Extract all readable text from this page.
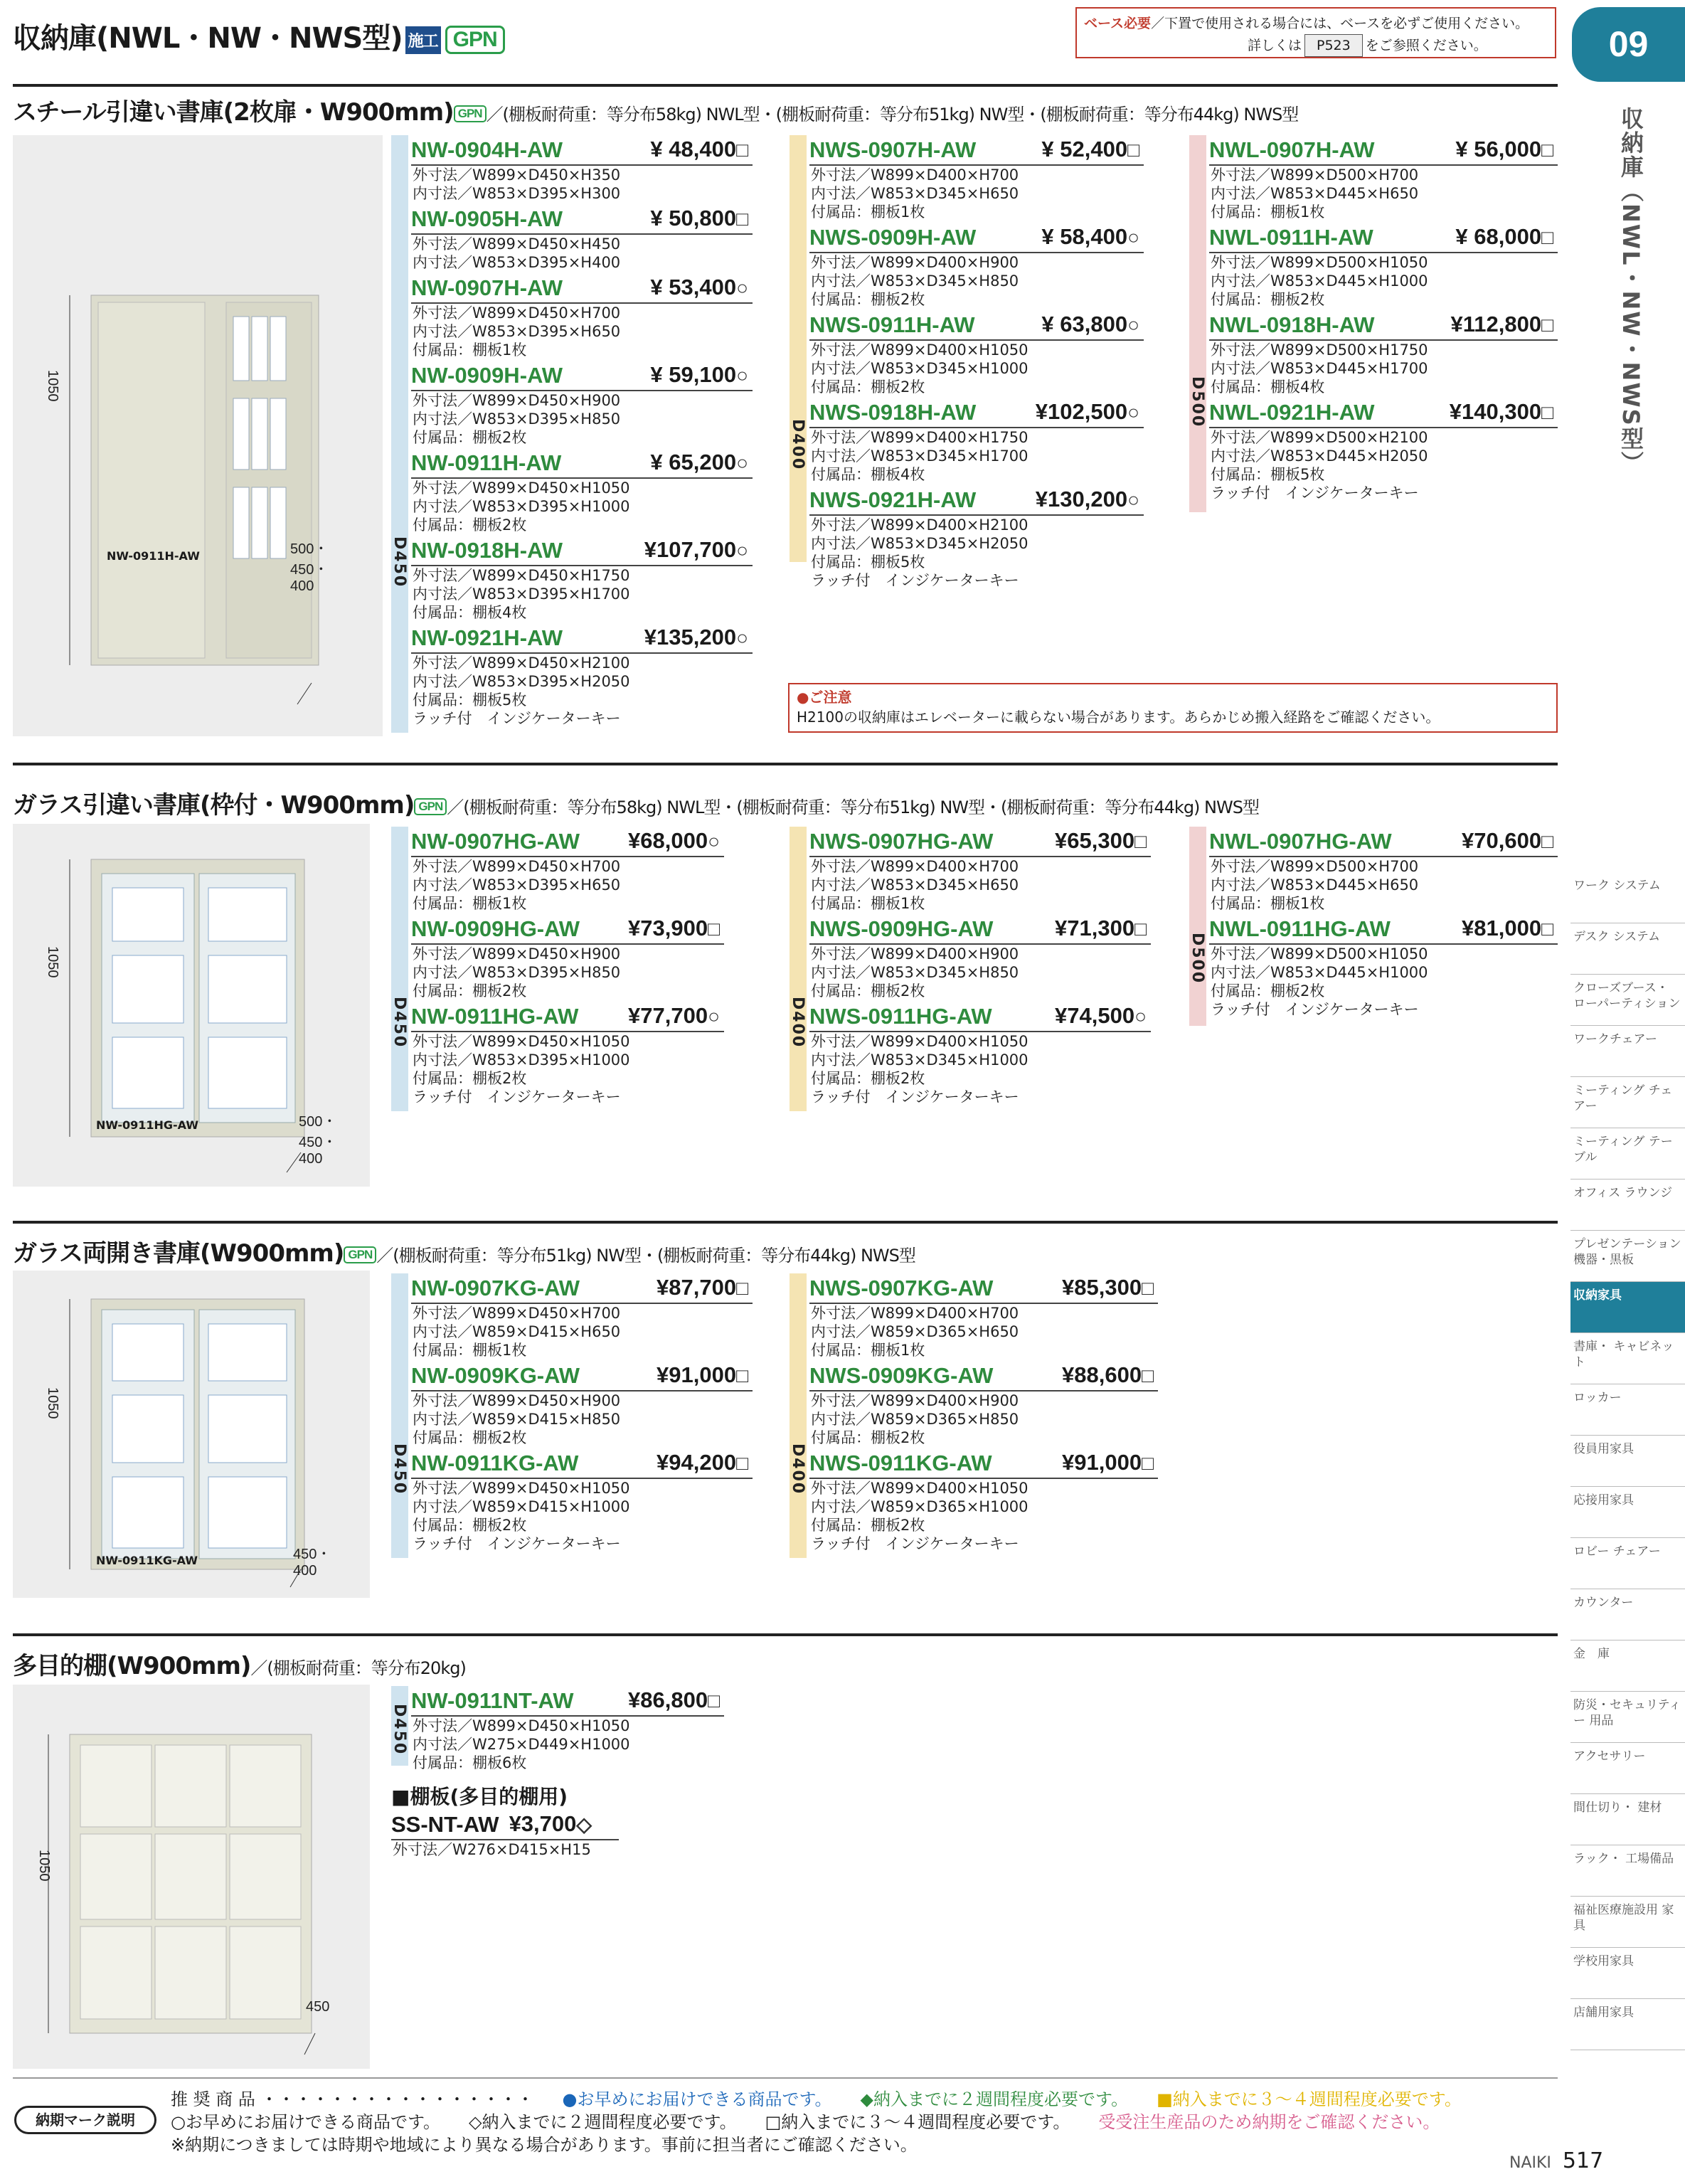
収納庫(NWL・NW・NWS型) 施工 GPN
ベース必要／下置で使用される場合には、ベースを必ずご使用ください。
詳しくは P523 をご参照ください。	09
収納庫（NWL・NW・NWS型）
スチール引違い書庫(2枚扉・W900mm) GPN ／(棚板耐荷重：等分布58kg) NWL型・(棚板耐荷重：等分布51kg) NW型・(棚板耐荷重：等分布44kg) NWS型
1050
500・450・400
NW-0911H-AW	D450
NW-0904H-AW	¥ 48,400□
外寸法／W899×D450×H350
内寸法／W853×D395×H300
NW-0905H-AW	¥ 50,800□
外寸法／W899×D450×H450
内寸法／W853×D395×H400
NW-0907H-AW	¥ 53,400○
外寸法／W899×D450×H700
内寸法／W853×D395×H650
付属品：棚板1枚
NW-0909H-AW	¥ 59,100○
外寸法／W899×D450×H900
内寸法／W853×D395×H850
付属品：棚板2枚
NW-0911H-AW	¥ 65,200○
外寸法／W899×D450×H1050
内寸法／W853×D395×H1000
付属品：棚板2枚
NW-0918H-AW	¥107,700○
外寸法／W899×D450×H1750
内寸法／W853×D395×H1700
付属品：棚板4枚
NW-0921H-AW	¥135,200○
外寸法／W899×D450×H2100
内寸法／W853×D395×H2050
付属品：棚板5枚
ラッチ付　インジケーターキー
D400
NWS-0907H-AW	¥ 52,400□
外寸法／W899×D400×H700
内寸法／W853×D345×H650
付属品：棚板1枚
NWS-0909H-AW	¥ 58,400○
外寸法／W899×D400×H900
内寸法／W853×D345×H850
付属品：棚板2枚
NWS-0911H-AW	¥ 63,800○
外寸法／W899×D400×H1050
内寸法／W853×D345×H1000
付属品：棚板2枚
NWS-0918H-AW	¥102,500○
外寸法／W899×D400×H1750
内寸法／W853×D345×H1700
付属品：棚板4枚
NWS-0921H-AW	¥130,200○
外寸法／W899×D400×H2100
内寸法／W853×D345×H2050
付属品：棚板5枚
ラッチ付　インジケーターキー
D500
NWL-0907H-AW	¥ 56,000□
外寸法／W899×D500×H700
内寸法／W853×D445×H650
付属品：棚板1枚
NWL-0911H-AW	¥ 68,000□
外寸法／W899×D500×H1050
内寸法／W853×D445×H1000
付属品：棚板2枚
NWL-0918H-AW	¥112,800□
外寸法／W899×D500×H1750
内寸法／W853×D445×H1700
付属品：棚板4枚
NWL-0921H-AW	¥140,300□
外寸法／W899×D500×H2100
内寸法／W853×D445×H2050
付属品：棚板5枚
ラッチ付　インジケーターキー
●ご注意
H2100の収納庫はエレベーターに載らない場合があります。あらかじめ搬入経路をご確認ください。
ガラス引違い書庫(枠付・W900mm) GPN ／(棚板耐荷重：等分布58kg) NWL型・(棚板耐荷重：等分布51kg) NW型・(棚板耐荷重：等分布44kg) NWS型
1050
500・450・400
NW-0911HG-AW
D450
NW-0907HG-AW ¥68,000○
外寸法／W899×D450×H700
内寸法／W853×D395×H650
付属品：棚板1枚
NW-0909HG-AW ¥73,900□
外寸法／W899×D450×H900
内寸法／W853×D395×H850
付属品：棚板2枚
NW-0911HG-AW ¥77,700○
外寸法／W899×D450×H1050
内寸法／W853×D395×H1000
付属品：棚板2枚
ラッチ付　インジケーターキー
D400
NWS-0907HG-AW	¥65,300□
外寸法／W899×D400×H700
内寸法／W853×D345×H650
付属品：棚板1枚
NWS-0909HG-AW	¥71,300□
外寸法／W899×D400×H900
内寸法／W853×D345×H850
付属品：棚板2枚
NWS-0911HG-AW	¥74,500○
外寸法／W899×D400×H1050
内寸法／W853×D345×H1000
付属品：棚板2枚
ラッチ付　インジケーターキー
D500
NWL-0907HG-AW	¥70,600□
外寸法／W899×D500×H700
内寸法／W853×D445×H650
付属品：棚板1枚
NWL-0911HG-AW	¥81,000□
外寸法／W899×D500×H1050
内寸法／W853×D445×H1000
付属品：棚板2枚
ラッチ付　インジケーターキー
ガラス両開き書庫(W900mm) GPN ／(棚板耐荷重：等分布51kg) NW型・(棚板耐荷重：等分布44kg) NWS型
1050
450・400
NW-0911KG-AW
D450
NW-0907KG-AW	¥87,700□
外寸法／W899×D450×H700
内寸法／W859×D415×H650
付属品：棚板1枚
NW-0909KG-AW	¥91,000□
外寸法／W899×D450×H900
内寸法／W859×D415×H850
付属品：棚板2枚
NW-0911KG-AW	¥94,200□
外寸法／W899×D450×H1050
内寸法／W859×D415×H1000
付属品：棚板2枚
ラッチ付　インジケーターキー
D400
NWS-0907KG-AW	¥85,300□
外寸法／W899×D400×H700
内寸法／W859×D365×H650
付属品：棚板1枚
NWS-0909KG-AW	¥88,600□
外寸法／W899×D400×H900
内寸法／W859×D365×H850
付属品：棚板2枚
NWS-0911KG-AW	¥91,000□
外寸法／W899×D400×H1050
内寸法／W859×D365×H1000
付属品：棚板2枚
ラッチ付　インジケーターキー
多目的棚(W900mm)／(棚板耐荷重：等分布20kg)
1050
450
D450
NW-0911NT-AW ¥86,800□
外寸法／W899×D450×H1050
内寸法／W275×D449×H1000
付属品：棚板6枚
■棚板(多目的棚用)
SS-NT-AW ¥3,700◇
外寸法／W276×D415×H15
ワーク システム
デスク システム
クローズブース・ ローパーティション
ワークチェアー
ミーティング チェアー
ミーティング テーブル
オフィス ラウンジ
プレゼンテーション 機器・黒板
収納家具
書庫・ キャビネット
ロッカー
役員用家具
応接用家具
ロビー チェアー
カウンター
金　庫
防災・セキュリティー 用品
アクセサリー
間仕切り・ 建材
ラック・ 工場備品
福祉医療施設用 家具
学校用家具
店舗用家具
納期マーク説明
推 奨 商 品 ・・・・・・・・・・・・・・・・ ●お早めにお届けできる商品です。 ◆納入までに２週間程度必要です。 ■納入までに３～４週間程度必要です。
○お早めにお届けできる商品です。 ◇納入までに２週間程度必要です。 □納入までに３～４週間程度必要です。 受受注生産品のため納期をご確認ください。
※納期につきましては時期や地域により異なる場合があります。事前に担当者にご確認ください。
NAIKI 517
